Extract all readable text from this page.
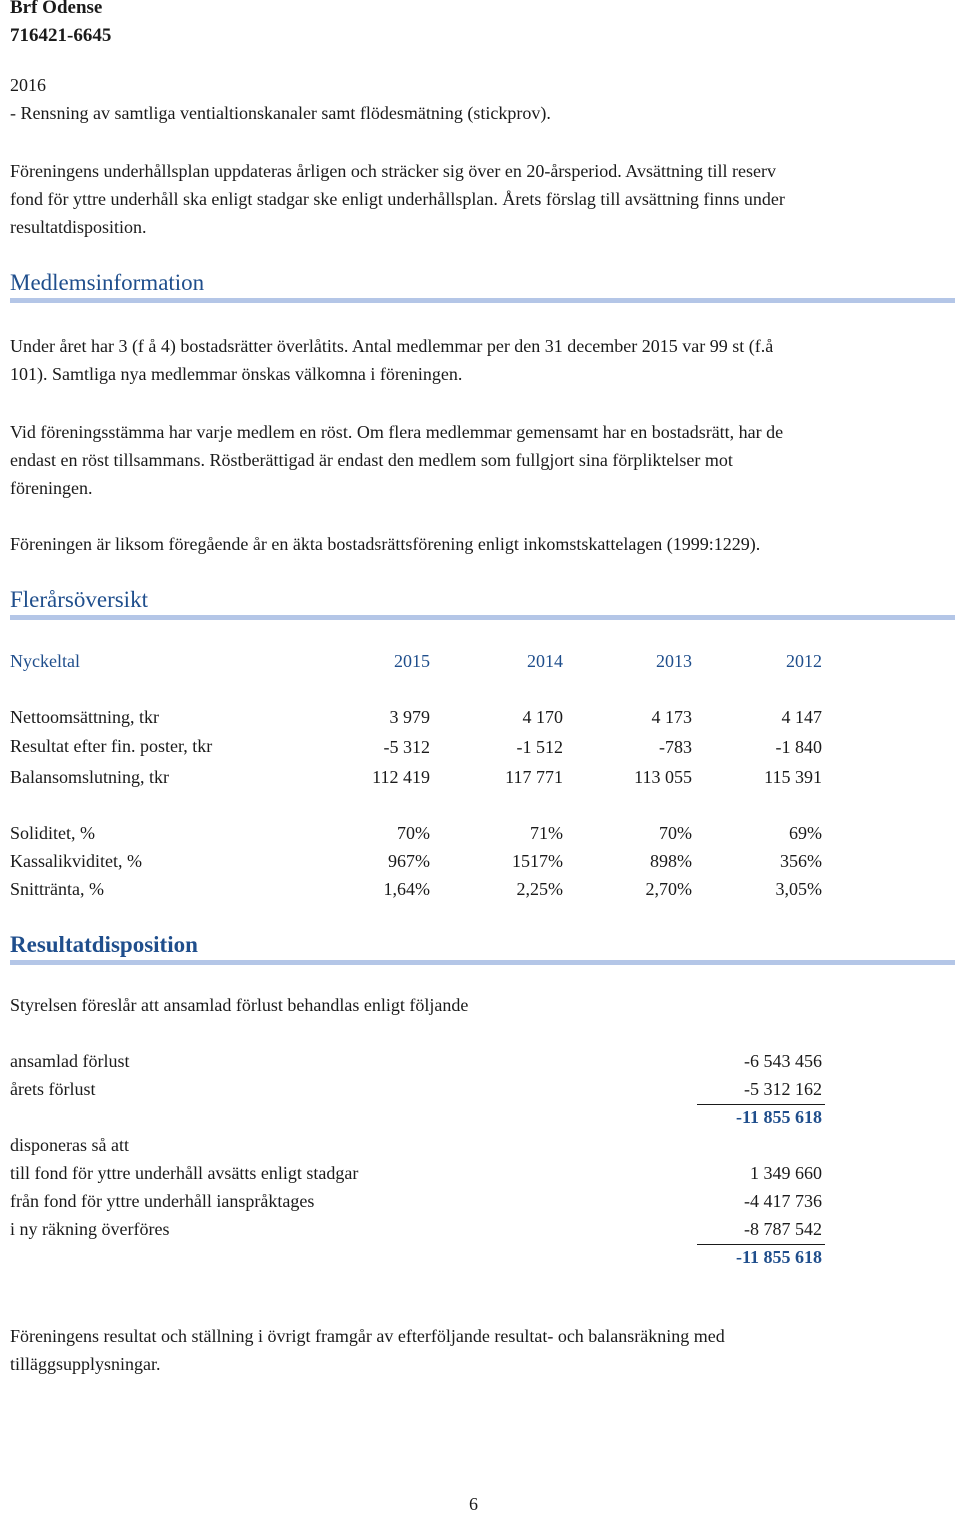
Brf Odense
716421-6645
2016
- Rensning av samtliga ventialtionskanaler samt flödesmätning (stickprov).
Föreningens underhållsplan uppdateras årligen och sträcker sig över en 20-årsperiod. Avsättning till reserv
fond för yttre underhåll ska enligt stadgar ske enligt underhållsplan. Årets förslag till avsättning finns under
resultatdisposition.
Medlemsinformation
Under året har 3 (f å 4) bostadsrätter överlåtits. Antal medlemmar per den 31 december 2015 var 99 st (f.å
101). Samtliga nya medlemmar önskas välkomna i föreningen.
Vid föreningsstämma har varje medlem en röst. Om flera medlemmar gemensamt har en bostadsrätt, har de
endast en röst tillsammans. Röstberättigad är endast den medlem som fullgjort sina förpliktelser mot
föreningen.
Föreningen är liksom föregående år en äkta bostadsrättsförening enligt inkomstskattelagen (1999:1229).
Flerårsöversikt
Nyckeltal	2015	2014	2013	2012
Nettoomsättning, tkr	3 979	4 170	4 173	4 147
Resultat efter fin. poster, tkr	-5 312	-1 512	-783	-1 840
Balansomslutning, tkr	112 419	117 771	113 055	115 391
Soliditet, %	70%	71%	70%	69%
Kassalikviditet, %	967%	1517%	898%	356%
Snittränta, %	1,64%	2,25%	2,70%	3,05%
Resultatdisposition
Styrelsen föreslår att ansamlad förlust behandlas enligt följande
ansamlad förlust	-6 543 456
årets förlust	-5 312 162
-11 855 618
disponeras så att
till fond för yttre underhåll avsätts enligt stadgar	1 349 660
från fond för yttre underhåll ianspråktages	-4 417 736
i ny räkning överföres	-8 787 542
-11 855 618
Föreningens resultat och ställning i övrigt framgår av efterföljande resultat- och balansräkning med
tilläggsupplysningar.
6
